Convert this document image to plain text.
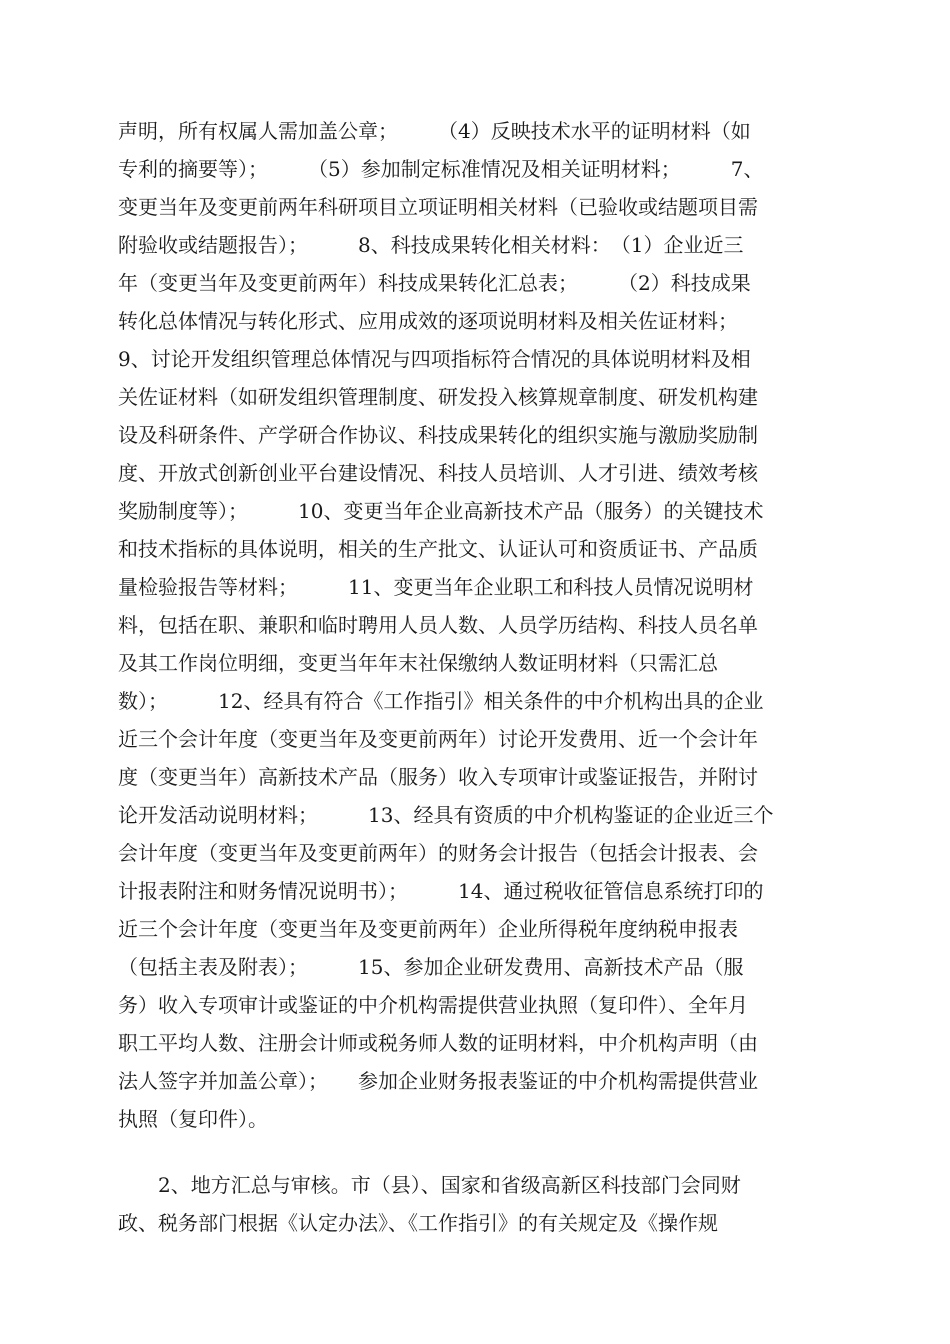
声明，所有权属人需加盖公章；　　　（4）反映技术水平的证明材料（如
专利的摘要等）；　　　（5）参加制定标准情况及相关证明材料；　　　7、
变更当年及变更前两年科研项目立项证明相关材料（已验收或结题项目需
附验收或结题报告）；　　　8、科技成果转化相关材料：　（1）企业近三
年（变更当年及变更前两年）科技成果转化汇总表；　　　（2）科技成果
转化总体情况与转化形式、应用成效的逐项说明材料及相关佐证材料；
9、讨论开发组织管理总体情况与四项指标符合情况的具体说明材料及相
关佐证材料（如研发组织管理制度、研发投入核算规章制度、研发机构建
设及科研条件、产学研合作协议、科技成果转化的组织实施与激励奖励制
度、开放式创新创业平台建设情况、科技人员培训、人才引进、绩效考核
奖励制度等）；　　　10、变更当年企业高新技术产品（服务）的关键技术
和技术指标的具体说明，相关的生产批文、认证认可和资质证书、产品质
量检验报告等材料；　　　11、变更当年企业职工和科技人员情况说明材
料，包括在职、兼职和临时聘用人员人数、人员学历结构、科技人员名单
及其工作岗位明细，变更当年年末社保缴纳人数证明材料（只需汇总
数）；　　　12、经具有符合《工作指引》相关条件的中介机构出具的企业
近三个会计年度（变更当年及变更前两年）讨论开发费用、近一个会计年
度（变更当年）高新技术产品（服务）收入专项审计或鉴证报告，并附讨
论开发活动说明材料；　　　13、经具有资质的中介机构鉴证的企业近三个
会计年度（变更当年及变更前两年）的财务会计报告（包括会计报表、会
计报表附注和财务情况说明书）；　　　14、通过税收征管信息系统打印的
近三个会计年度（变更当年及变更前两年）企业所得税年度纳税申报表
（包括主表及附表）；　　　15、参加企业研发费用、高新技术产品（服
务）收入专项审计或鉴证的中介机构需提供营业执照（复印件）、全年月
职工平均人数、注册会计师或税务师人数的证明材料，中介机构声明（由
法人签字并加盖公章）；　　参加企业财务报表鉴证的中介机构需提供营业
执照（复印件）。
2、地方汇总与审核。市（县）、国家和省级高新区科技部门会同财
政、税务部门根据《认定办法》、《工作指引》的有关规定及《操作规
